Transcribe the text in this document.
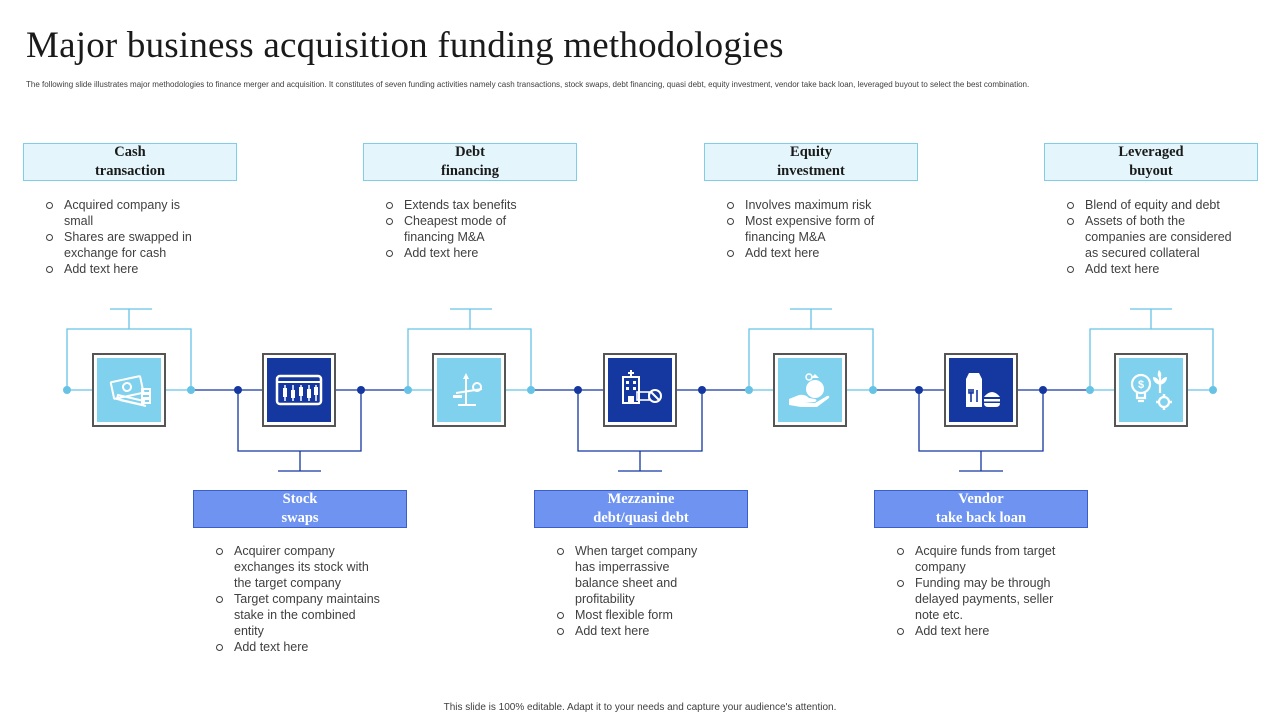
Major business acquisition funding methodologies
The following slide illustrates major methodologies to finance merger and acquisition. It constitutes of seven funding activities namely cash transactions, stock swaps, debt financing, quasi debt, equity investment, vendor take back loan, leveraged buyout to select the best combination.
Cash
transaction
Debt
financing
Equity
investment
Leveraged
buyout
Stock
swaps
Mezzanine
debt/quasi debt
Vendor
take back loan
Acquired company is small
Shares are swapped in exchange for cash
Add text here
Extends tax benefits
Cheapest mode of financing M&A
Add text here
Involves maximum risk
Most expensive form of financing M&A
Add text here
Blend of equity and debt
Assets of both the companies are considered as secured collateral
Add text here
Acquirer company exchanges its stock with the target company
Target company maintains stake in the combined entity
Add text here
When target company has imperrassive balance sheet and profitability
Most flexible form
Add text here
Acquire funds from target company
Funding may be through delayed payments, seller note etc.
Add text here
$
This slide is 100% editable. Adapt it to your needs and capture your audience's attention.
